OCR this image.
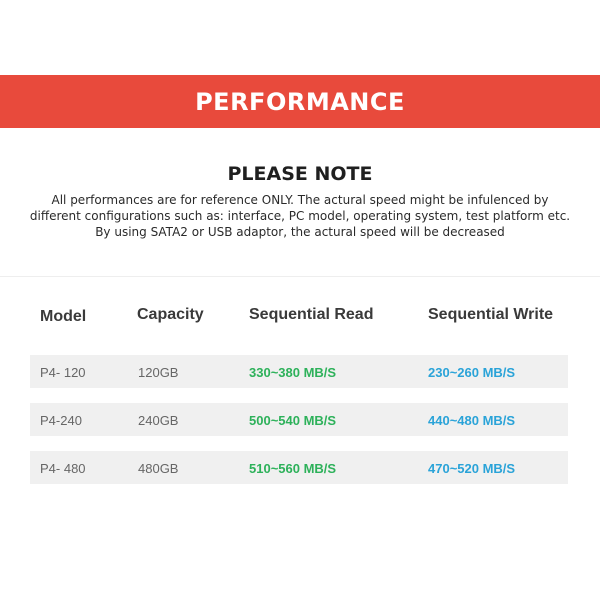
PERFORMANCE
PLEASE NOTE
All performances are for reference ONLY. The actural speed might be infulenced by
different configurations such as: interface, PC model, operating system, test platform etc.
By using SATA2 or USB adaptor, the actural speed will be decreased
Model	Capacity	Sequential Read	Sequential Write
P4- 120	120GB	330~380 MB/S	230~260 MB/S
P4-240	240GB	500~540 MB/S	440~480 MB/S
P4- 480	480GB	510~560 MB/S	470~520 MB/S
